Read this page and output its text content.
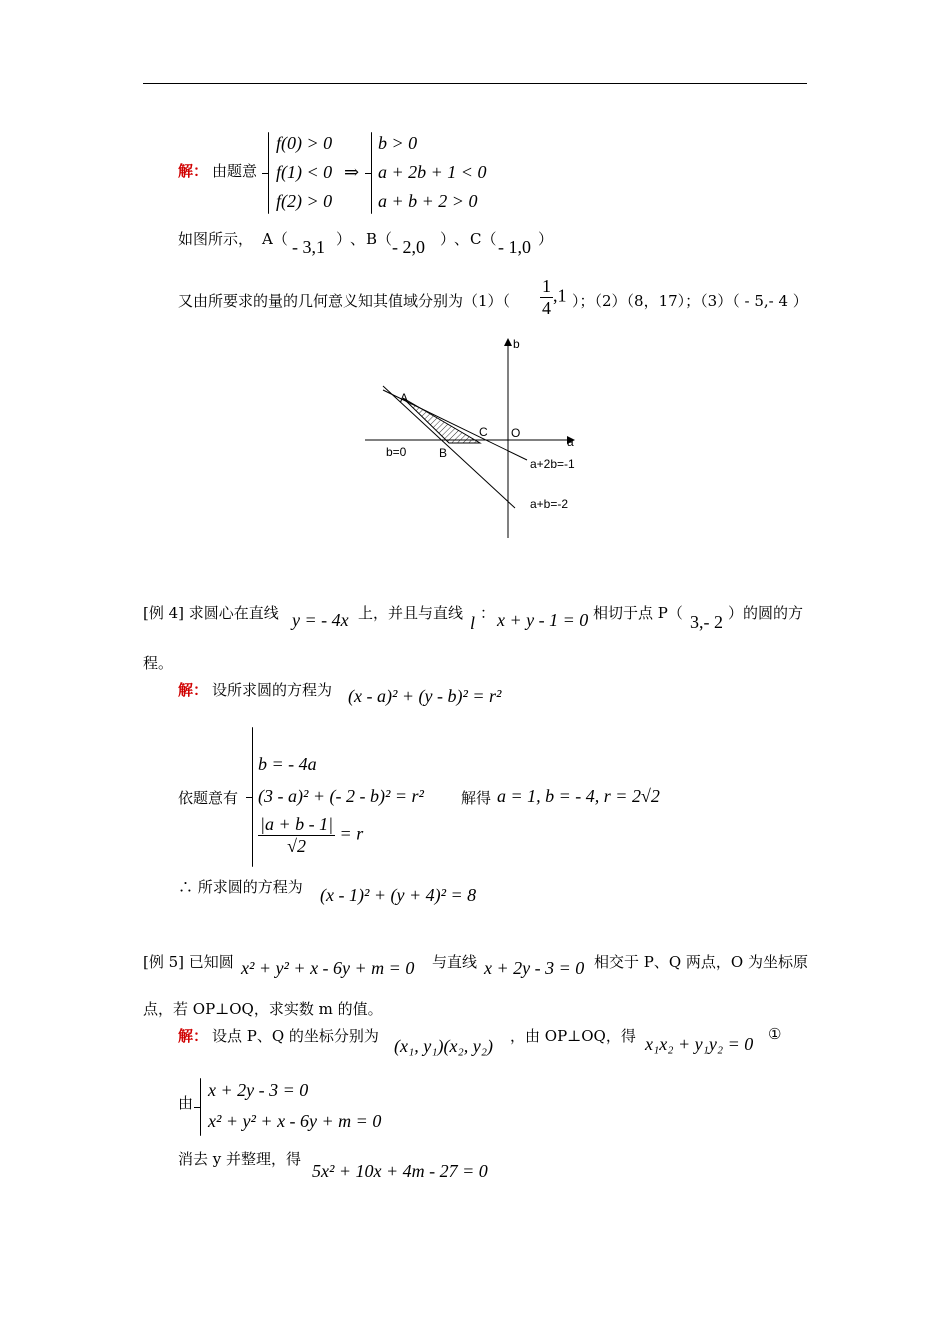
解： 由题意
f(0) > 0
f(1) < 0
f(2) > 0
⇒
b > 0
a + 2b + 1 < 0
a + b + 2 > 0
如图所示， A（ - 3,1 ）
、 B（ - 2,0 ）
、 C（ - 1,0 ）
又由所要求的量的几何意义知其值域分别为$(1)( \frac{1}{4} ,1$ ）；（2）（8，17）；（3）（ - 5,- 4 ）
b
a
A
B
C O
b=0
a+2b=-1
a+b=-2
[例 4] 求圆心在直线 y = - 4x 上，并且与直线 l ： x + y - 1 = 0 相切于点 P（ 3,- 2 ）的圆的方
程。
解： 设所求圆的方程为 (x - a)² + (y - b)² = r²
依题意有
b = - 4a
(3 - a)² + (- 2 - b)² = r²
$\frac{|a + b - 1|}{√2} = r$
解得 a = 1, b = - 4, r = 2√2
∴ 所求圆的方程为 (x - 1)² + (y + 4)² = 8
[例 5] 已知圆 x² + y² + x - 6y + m = 0 与直线 x + 2y - 3 = 0 相交于 P、Q 两点，O 为坐标原
点，若 OP⊥OQ，求实数 m 的值。
解： 设点 P、Q 的坐标分别为 (x₁, y₁)(x₂, y₂) ，由 OP⊥OQ，得 x₁x₂ + y₁y₂ = 0 ①
由
x + 2y - 3 = 0
x² + y² + x - 6y + m = 0
消去 y 并整理，得
5x² + 10x + 4m - 27 = 0
